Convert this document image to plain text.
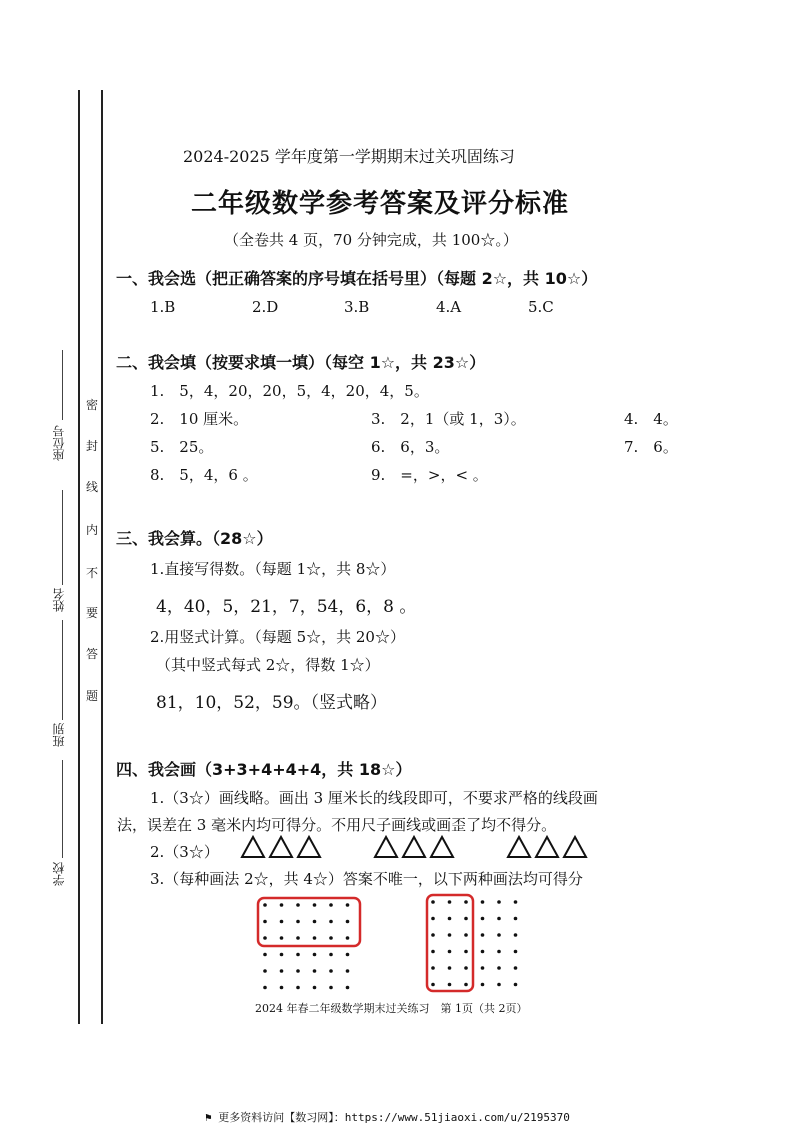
密
封
线
内
不
要
答
题
座位号
姓名
班别
学校
2024-2025 学年度第一学期期末过关巩固练习
二年级数学参考答案及评分标准
（全卷共 4 页，70 分钟完成，共 100☆。）
一、我会选（把正确答案的序号填在括号里）（每题 2☆，共 10☆）
1.B	2.D	3.B	4.A	5.C
二、我会填（按要求填一填）（每空 1☆，共 23☆）
1.　5，4，20，20，5，4，20，4，5。
2.　10 厘米。	3.　2，1（或 1，3）。	4.　4。
5.　25。	6.　6，3。	7.　6。
8.　5，4，6 。	9.　=，>，< 。
三、我会算。（28☆）
1.直接写得数。（每题 1☆，共 8☆）
4，40，5，21，7，54，6，8 。
2.用竖式计算。（每题 5☆，共 20☆）
（其中竖式每式 2☆，得数 1☆）
81，10，52，59。（竖式略）
四、我会画（3+3+4+4+4，共 18☆）
1.（3☆）画线略。画出 3 厘米长的线段即可，不要求严格的线段画
法，误差在 3 毫米内均可得分。不用尺子画线或画歪了均不得分。
2.（3☆）
3.（每种画法 2☆，共 4☆）答案不唯一，以下两种画法均可得分
2024 年春二年级数学期末过关练习　第 1页（共 2页）
⚑ 更多资料访问【数习网】：https://www.51jiaoxi.com/u/2195370
